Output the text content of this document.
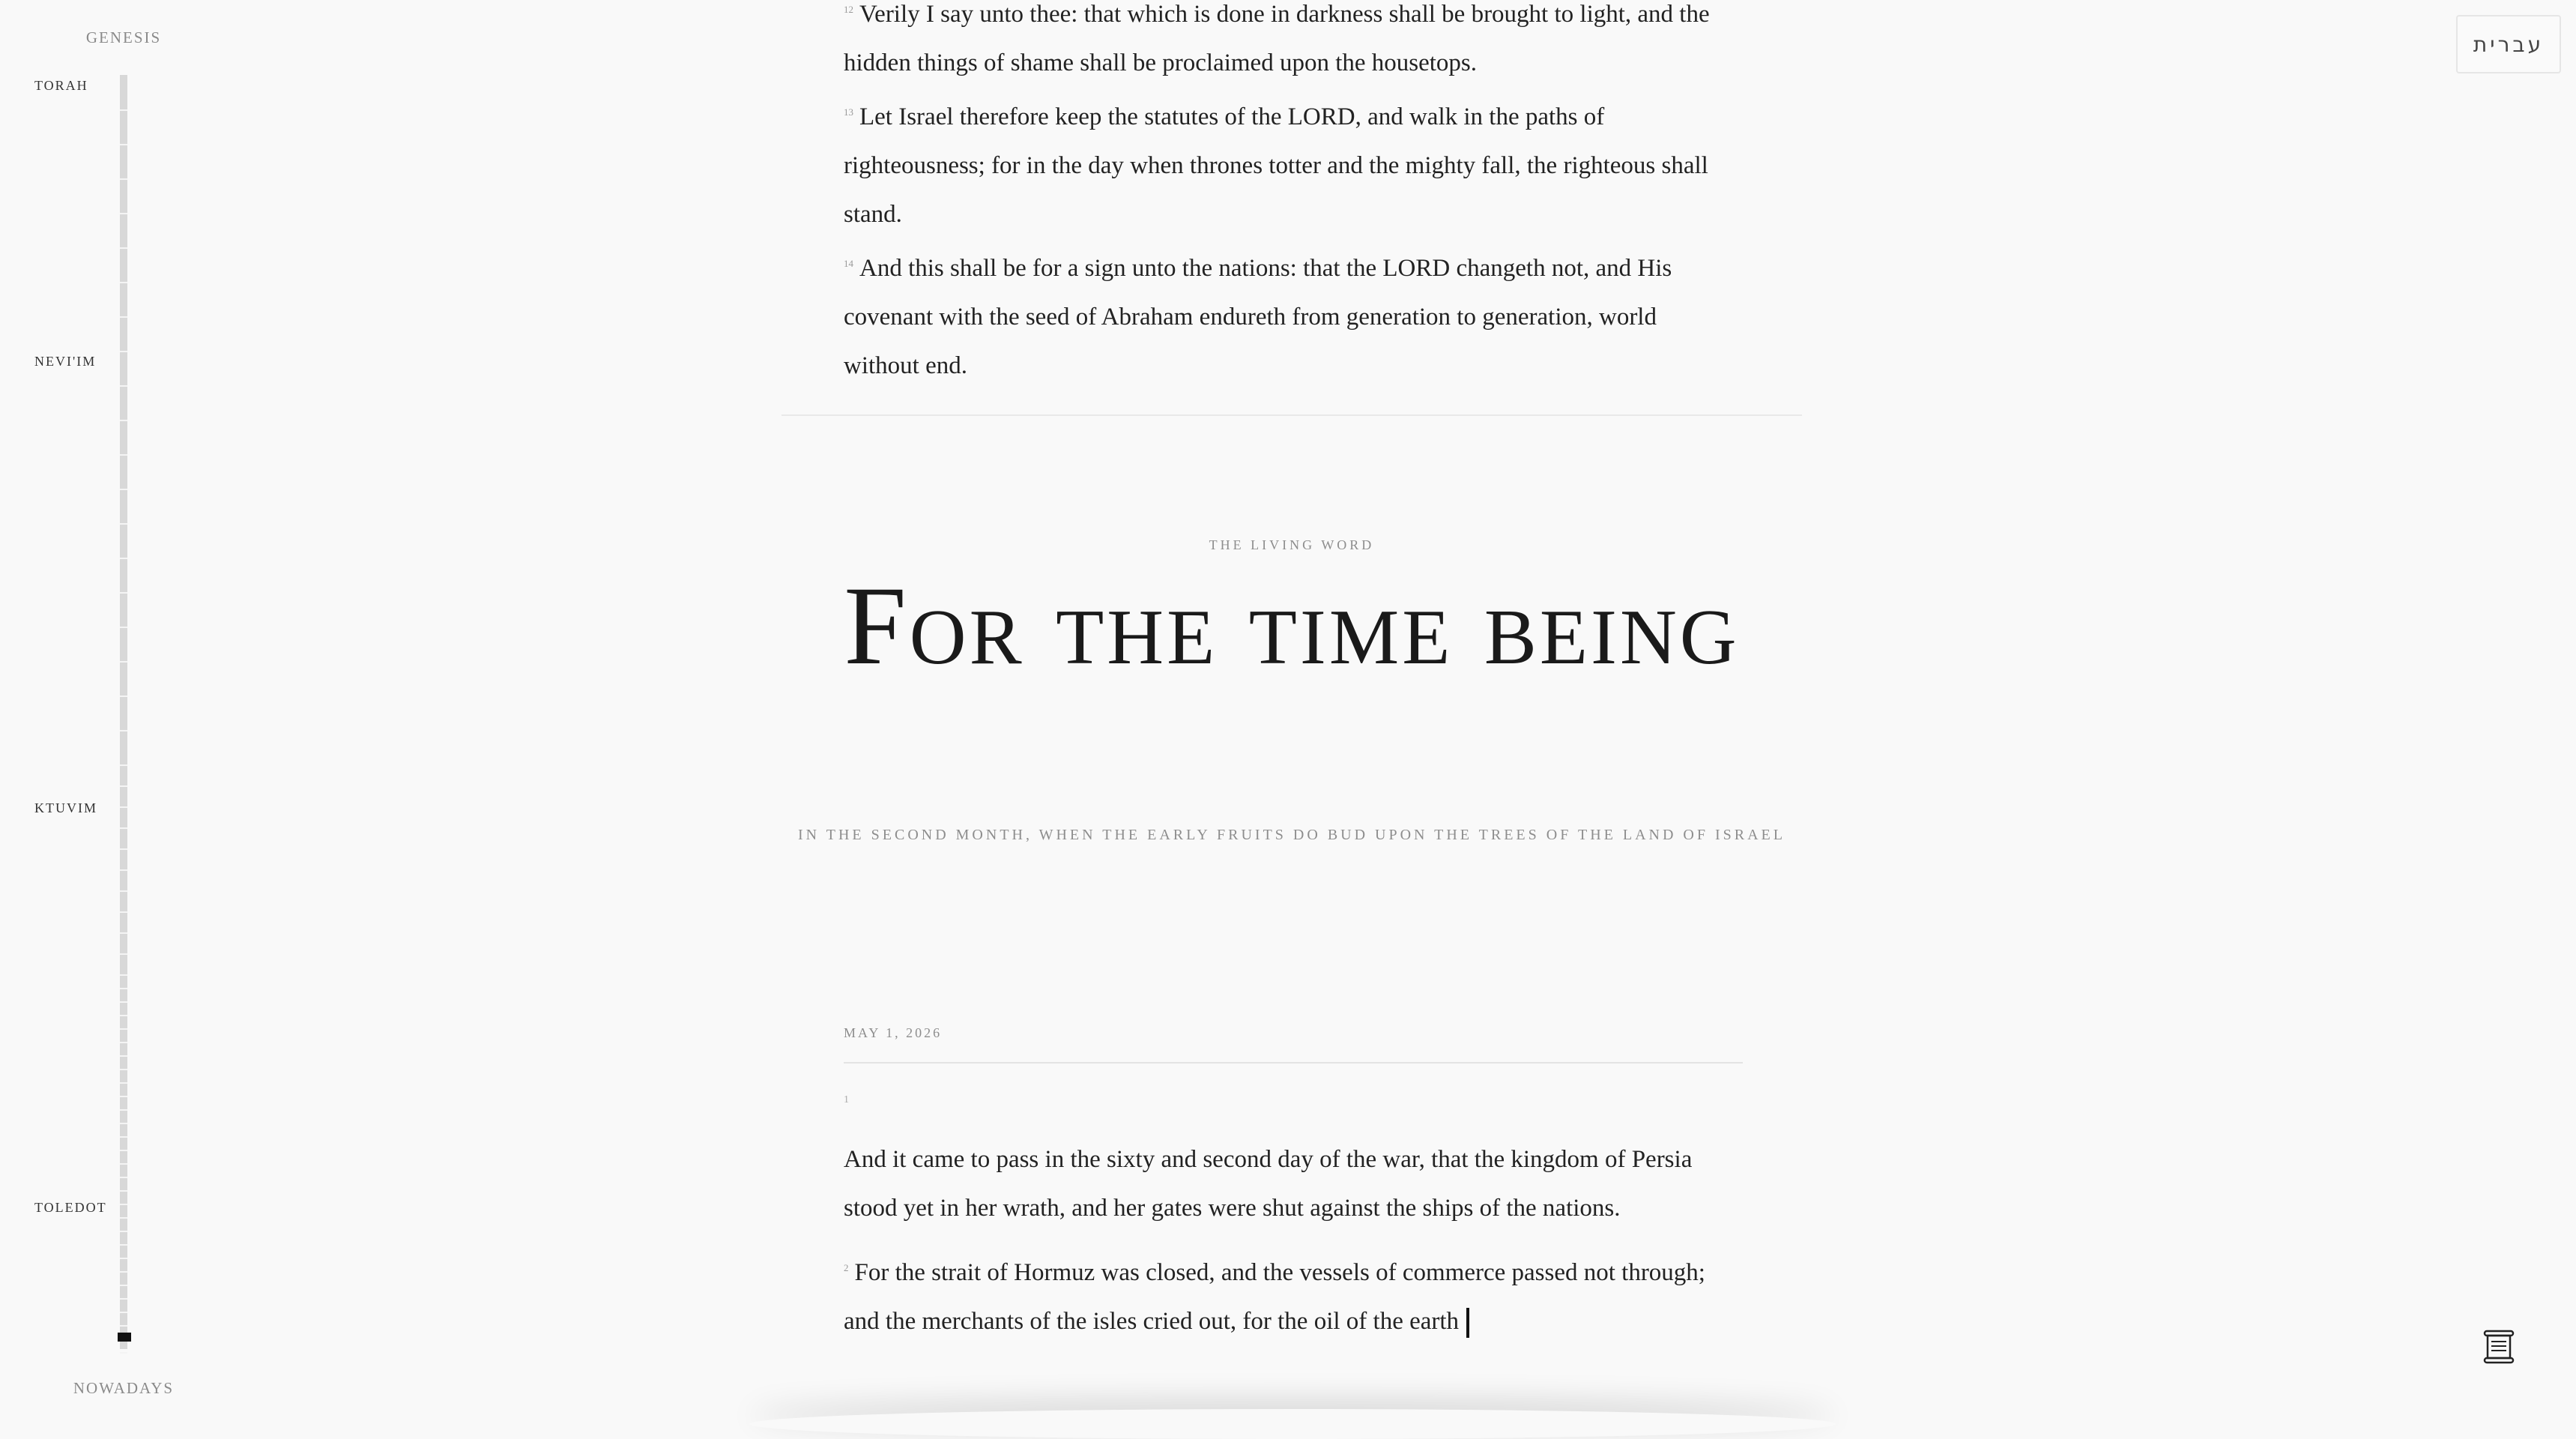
GENESIS
TORAH
NEVI'IM
KTUVIM
TOLEDOT
NOWADAYS
עברית

$^{12}$ Verily I say unto thee: that which is done in darkness shall be brought to light, and the hidden things of shame shall be proclaimed upon the housetops.

$^{13}$ Let Israel therefore keep the statutes of the LORD, and walk in the paths of righteousness; for in the day when thrones totter and the mighty fall, the righteous shall stand.

$^{14}$ And this shall be for a sign unto the nations: that the LORD changeth not, and His covenant with the seed of Abraham endureth from generation to generation, world without end.

THE LIVING WORD
For the time being
IN THE SECOND MONTH, WHEN THE EARLY FRUITS DO BUD UPON THE TREES OF THE LAND OF ISRAEL
MAY 1, 2026
1

And it came to pass in the sixty and second day of the war, that the kingdom of Persia stood yet in her wrath, and her gates were shut against the ships of the nations.

$^2$ For the strait of Hormuz was closed, and the vessels of commerce passed not through; and the merchants of the isles cried out, for the oil of the earth
